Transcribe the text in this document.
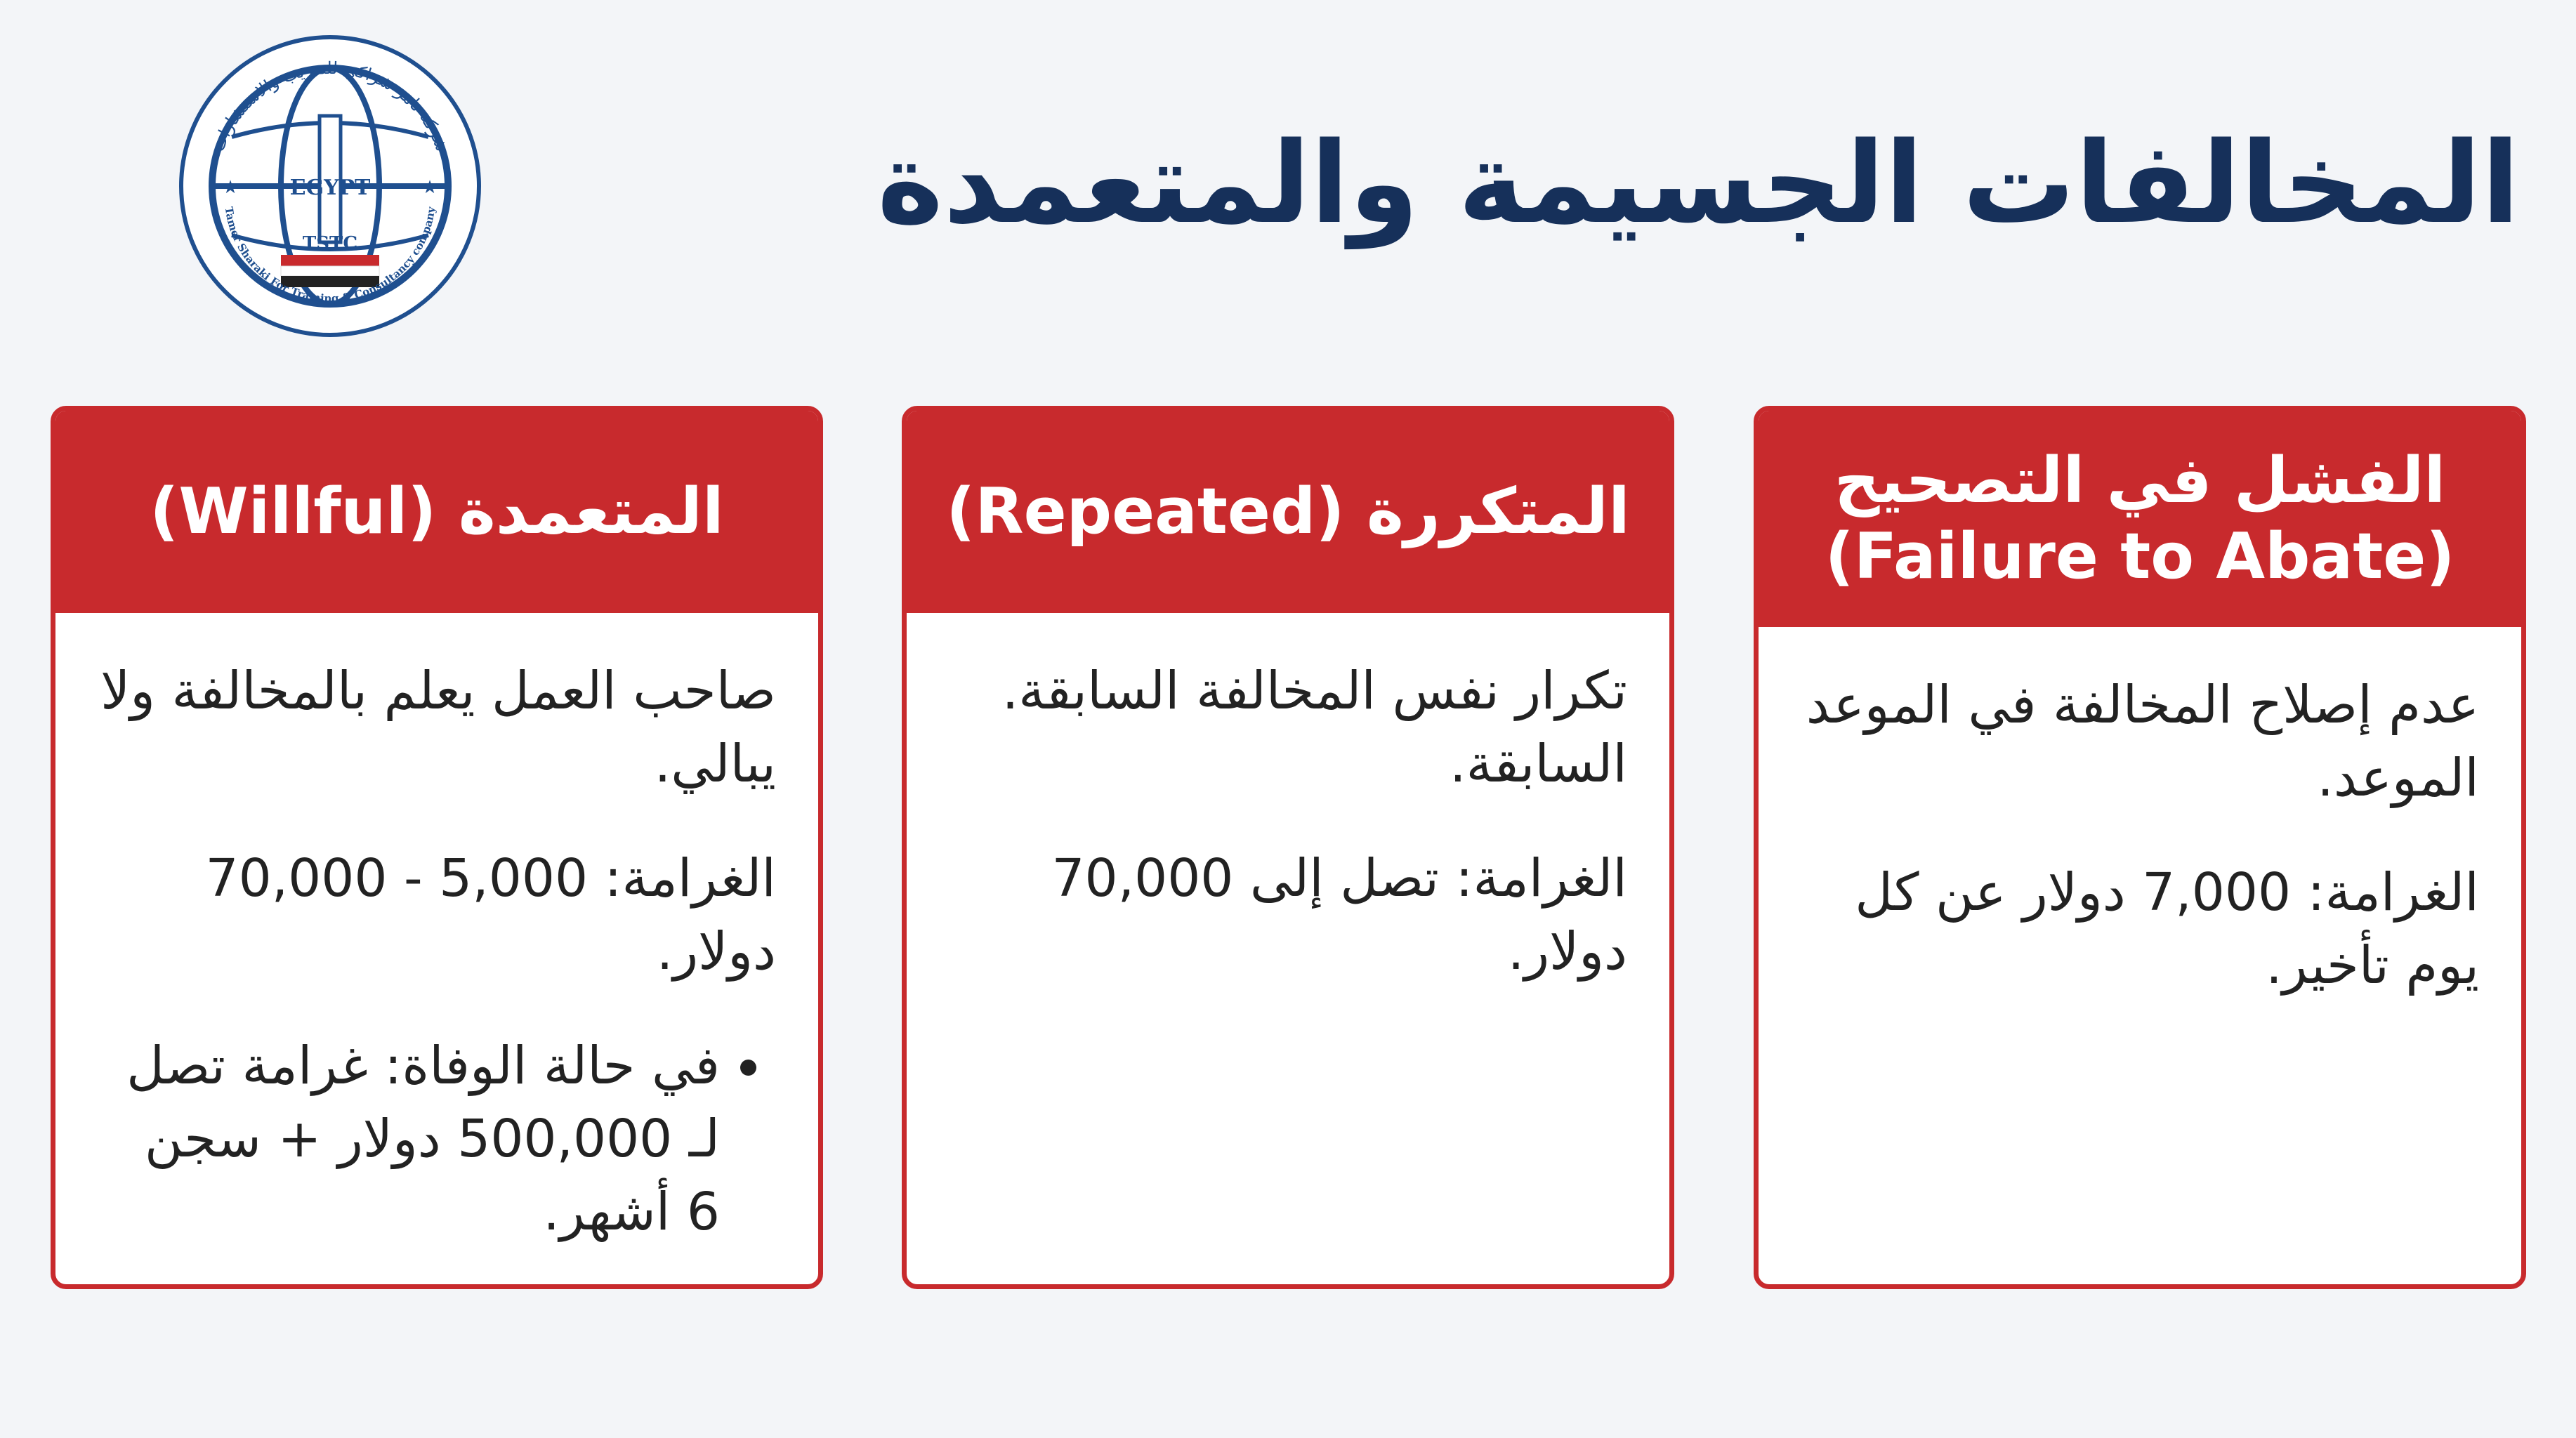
شركة تامر شراكي للتدريب والاستشارات
Tamer Sharaki For Training & Consultancy company
EGYPT
TSTC
★	★	المخالفات الجسيمة والمتعمدة
المتعمدة (Willful)

صاحب العمل يعلم بالمخالفة ولا يبالي.

الغرامة: 5,000 - 70,000 دولار.

• في حالة الوفاة: غرامة تصل لـ 500,000 دولار + سجن 6 أشهر.
المتكررة (Repeated)

تكرار نفس المخالفة السابقة. السابقة.

الغرامة: تصل إلى 70,000 دولار.

الفشل في التصحيح (Failure to Abate)

عدم إصلاح المخالفة في الموعد الموعد.

الغرامة: 7,000 دولار عن كل يوم تأخير.
